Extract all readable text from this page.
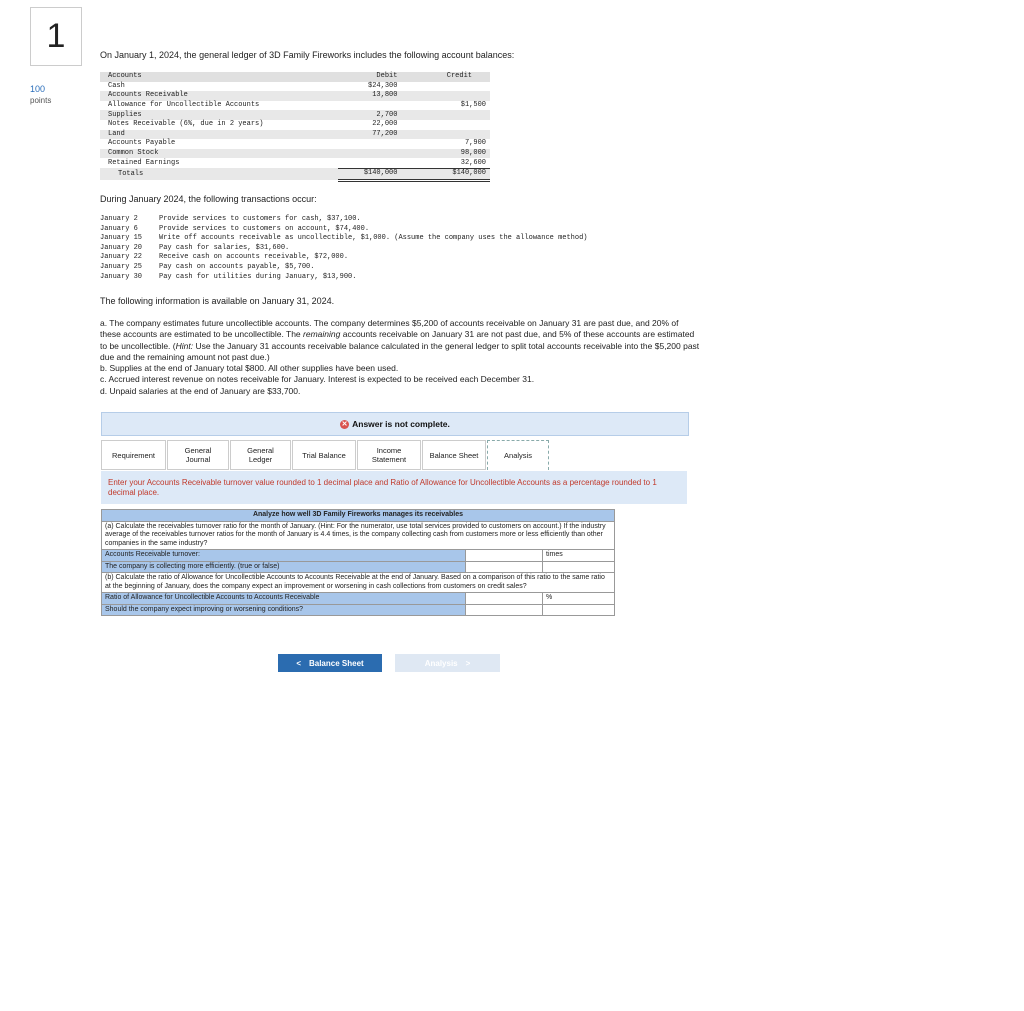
1
100
points
On January 1, 2024, the general ledger of 3D Family Fireworks includes the following account balances:
Accounts	Debit	Credit
Cash	$24,300	
Accounts Receivable	13,800	
Allowance for Uncollectible Accounts		$1,500
Supplies	2,700	
Notes Receivable (6%, due in 2 years)	22,000	
Land	77,200	
Accounts Payable		7,900
Common Stock		98,000
Retained Earnings		32,600
Totals	$140,000	$140,000
During January 2024, the following transactions occur:
January 2	Provide services to customers for cash, $37,100.
January 6	Provide services to customers on account, $74,400.
January 15 Write off accounts receivable as uncollectible, $1,000. (Assume the company uses the allowance method)
January 20 Pay cash for salaries, $31,600.
January 22 Receive cash on accounts receivable, $72,000.
January 25 Pay cash on accounts payable, $5,700.
January 30 Pay cash for utilities during January, $13,900.
The following information is available on January 31, 2024.

a. The company estimates future uncollectible accounts. The company determines $5,200 of accounts receivable on January 31 are past due, and 20% of these accounts are estimated to be uncollectible. The remaining accounts receivable on January 31 are not past due, and 5% of these accounts are estimated to be uncollectible. (Hint: Use the January 31 accounts receivable balance calculated in the general ledger to split total accounts receivable into the $5,200 past due and the remaining amount not past due.)

b. Supplies at the end of January total $800. All other supplies have been used.

c. Accrued interest revenue on notes receivable for January. Interest is expected to be received each December 31.

d. Unpaid salaries at the end of January are $33,700.

✕ Answer is not complete.
Requirement	General
Journal
General
Ledger	Trial Balance	Income
Statement	Balance Sheet	Analysis
Enter your Accounts Receivable turnover value rounded to 1 decimal place and Ratio of Allowance for Uncollectible Accounts as a percentage rounded to 1 decimal place.
Analyze how well 3D Family Fireworks manages its receivables		
(a) Calculate the receivables turnover ratio for the month of January. (Hint: For the numerator, use total services provided to customers on account.) If the industry average of the receivables turnover ratios for the month of January is 4.4 times, is the company collecting cash from customers more or less efficiently than other companies in the same industry?		
Accounts Receivable turnover:		times
The company is collecting more efficiently. (true or false)		
(b) Calculate the ratio of Allowance for Uncollectible Accounts to Accounts Receivable at the end of January. Based on a comparison of this ratio to the same ratio at the beginning of January, does the company expect an improvement or worsening in cash collections from customers on credit sales?		
Ratio of Allowance for Uncollectible Accounts to Accounts Receivable		%
Should the company expect improving or worsening conditions?		
< Balance Sheet	Analysis >
